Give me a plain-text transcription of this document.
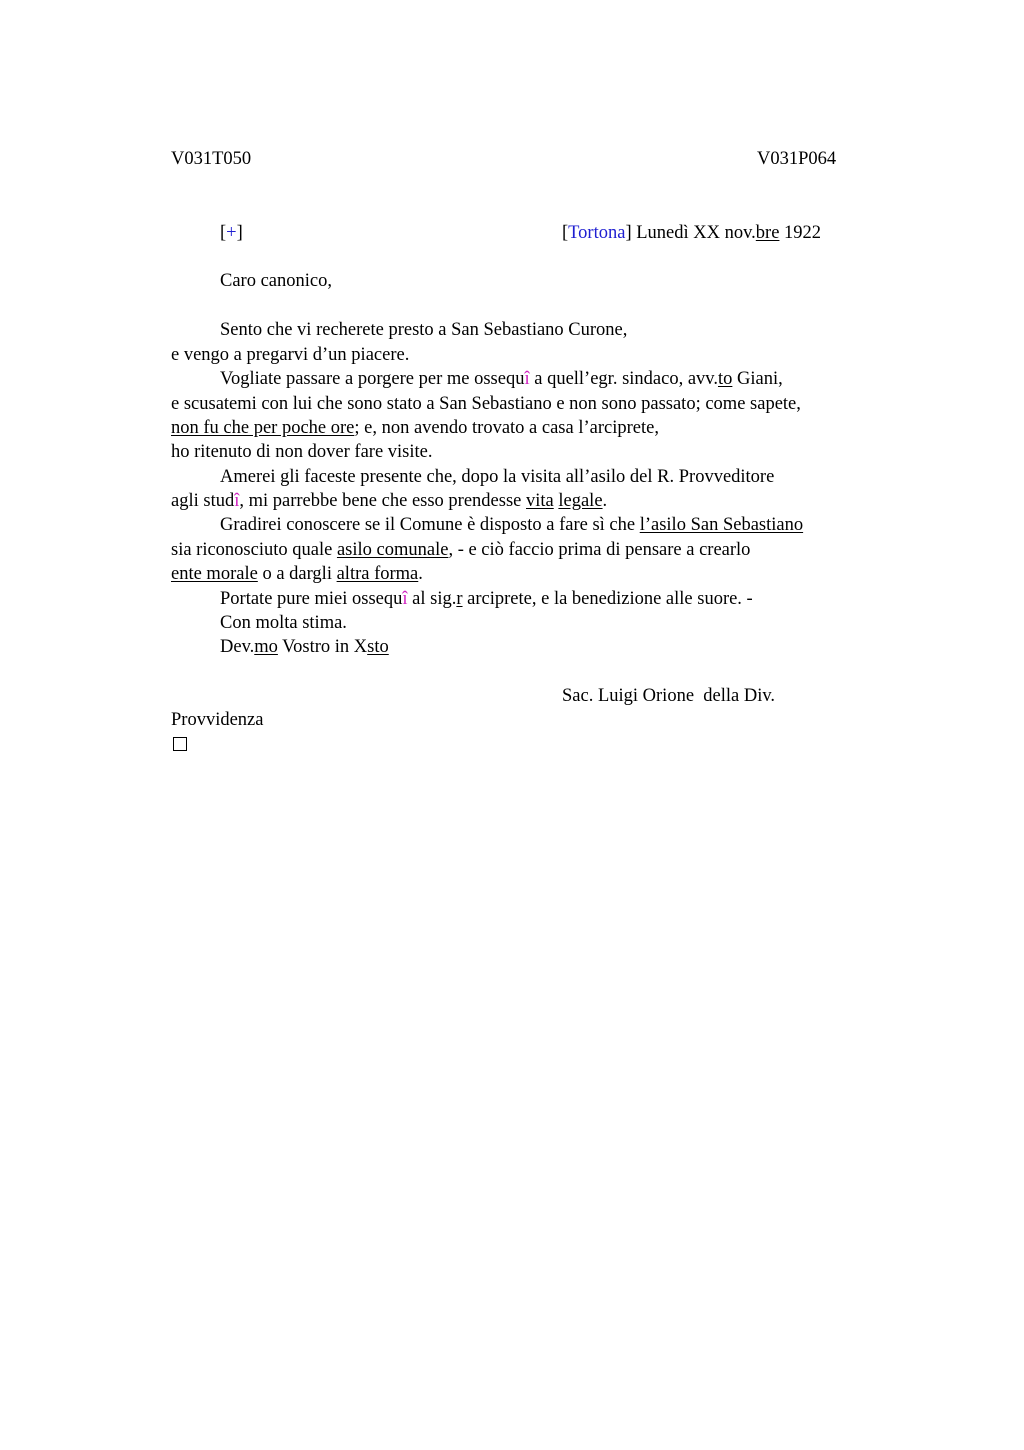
V031T050	V031P064
[+]	[Tortona] Lunedì XX nov.bre 1922
Caro canonico,
Sento che vi recherete presto a San Sebastiano Curone,
e vengo a pregarvi d’un piacere.
Vogliate passare a porgere per me ossequî a quell’egr. sindaco, avv.to Giani,
e scusatemi con lui che sono stato a San Sebastiano e non sono passato; come sapete,
non fu che per poche ore; e, non avendo trovato a casa l’arciprete,
ho ritenuto di non dover fare visite.
Amerei gli faceste presente che, dopo la visita all’asilo del R. Provveditore
agli studî, mi parrebbe bene che esso prendesse vita legale.
Gradirei conoscere se il Comune è disposto a fare sì che l’asilo San Sebastiano
sia riconosciuto quale asilo comunale, - e ciò faccio prima di pensare a crearlo
ente morale o a dargli altra forma.
Portate pure miei ossequî al sig.r arciprete, e la benedizione alle suore. -
Con molta stima.
Dev.mo Vostro in Xsto
Sac. Luigi Orione  della Div.
Provvidenza
